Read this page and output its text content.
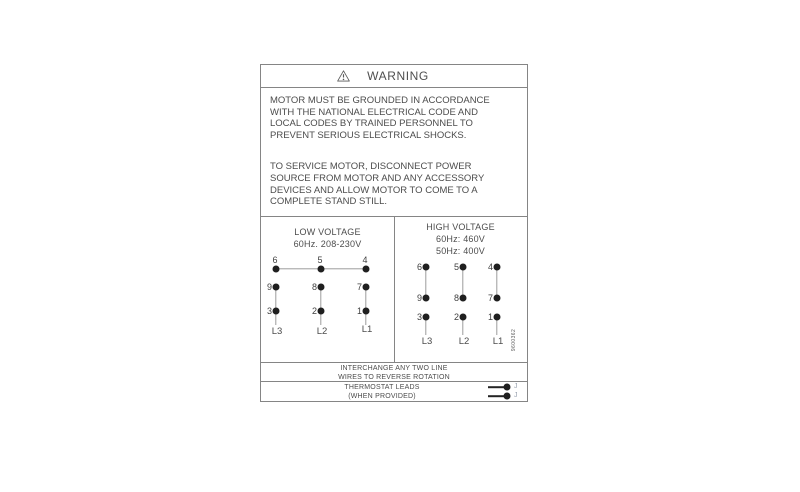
WARNING
MOTOR MUST BE GROUNDED IN ACCORDANCE
WITH THE NATIONAL ELECTRICAL CODE AND
LOCAL CODES BY TRAINED PERSONNEL TO
PREVENT SERIOUS ELECTRICAL SHOCKS.
TO SERVICE MOTOR, DISCONNECT POWER
SOURCE FROM MOTOR AND ANY ACCESSORY
DEVICES AND ALLOW MOTOR TO COME TO A
COMPLETE STAND STILL.
LOW VOLTAGE
60Hz. 208-230V
6	5	4
9	8	7
3	2	1
L3	L2	L1
HIGH VOLTAGE
60Hz: 460V
50Hz: 400V
6	5	4
9	8	7
3	2	1
L3	L2 L1 9600362
INTERCHANGE ANY TWO LINE
WIRES TO REVERSE ROTATION
THERMOSTAT LEADS
(WHEN PROVIDED)
J
J
